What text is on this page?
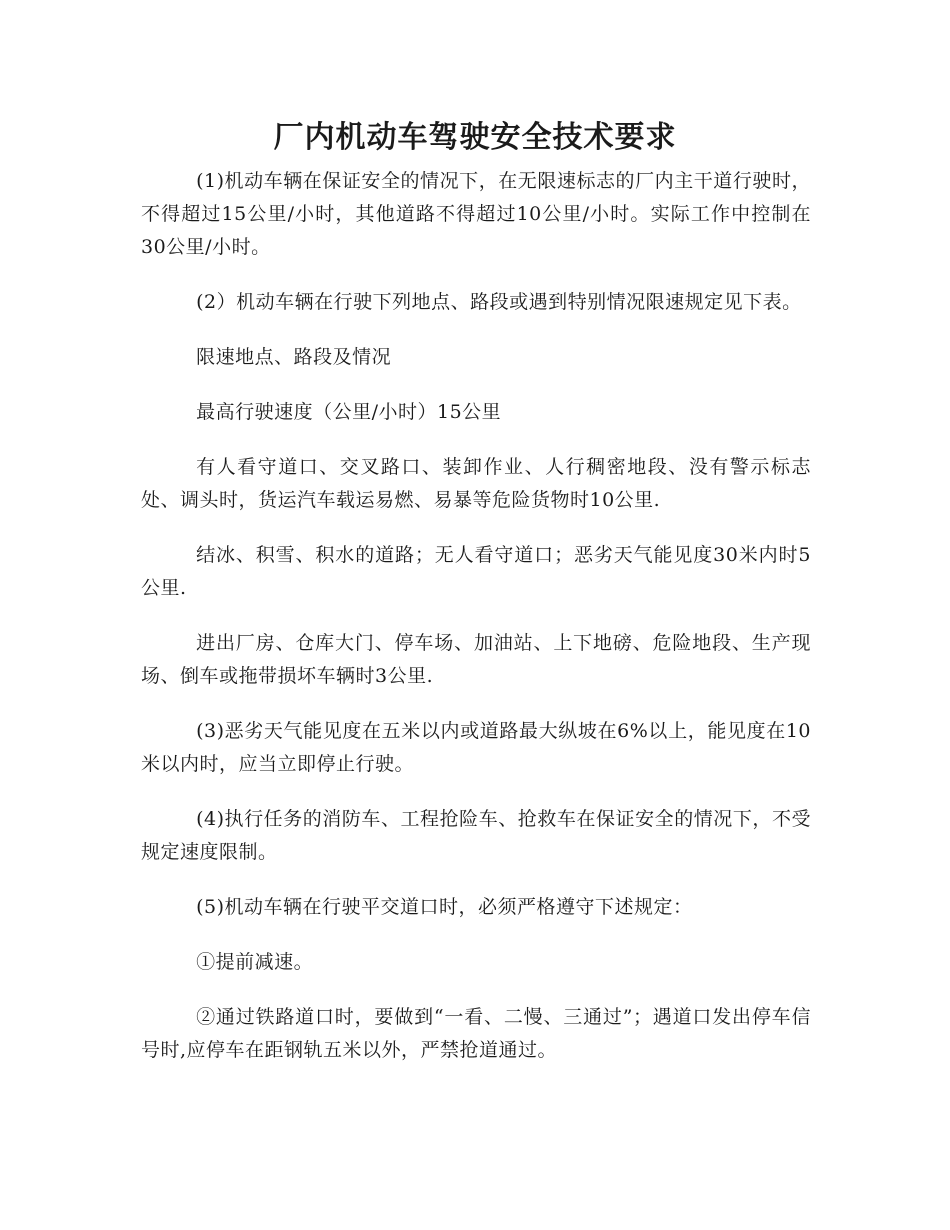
厂内机动车驾驶安全技术要求

(1)机动车辆在保证安全的情况下，在无限速标志的厂内主干道行驶时，不得超过15公里/小时，其他道路不得超过10公里/小时。实际工作中控制在30公里/小时。

(2）机动车辆在行驶下列地点、路段或遇到特别情况限速规定见下表。

限速地点、路段及情况

最高行驶速度（公里/小时）15公里

有人看守道口、交叉路口、装卸作业、人行稠密地段、没有警示标志处、调头时，货运汽车载运易燃、易暴等危险货物时10公里.

结冰、积雪、积水的道路；无人看守道口；恶劣天气能见度30米内时5公里.

进出厂房、仓库大门、停车场、加油站、上下地磅、危险地段、生产现场、倒车或拖带损坏车辆时3公里.

(3)恶劣天气能见度在五米以内或道路最大纵坡在6%以上，能见度在10米以内时，应当立即停止行驶。

(4)执行任务的消防车、工程抢险车、抢救车在保证安全的情况下，不受规定速度限制。

(5)机动车辆在行驶平交道口时，必须严格遵守下述规定：

①提前减速。

②通过铁路道口时，要做到“一看、二慢、三通过”；遇道口发出停车信号时,应停车在距钢轨五米以外，严禁抢道通过。
